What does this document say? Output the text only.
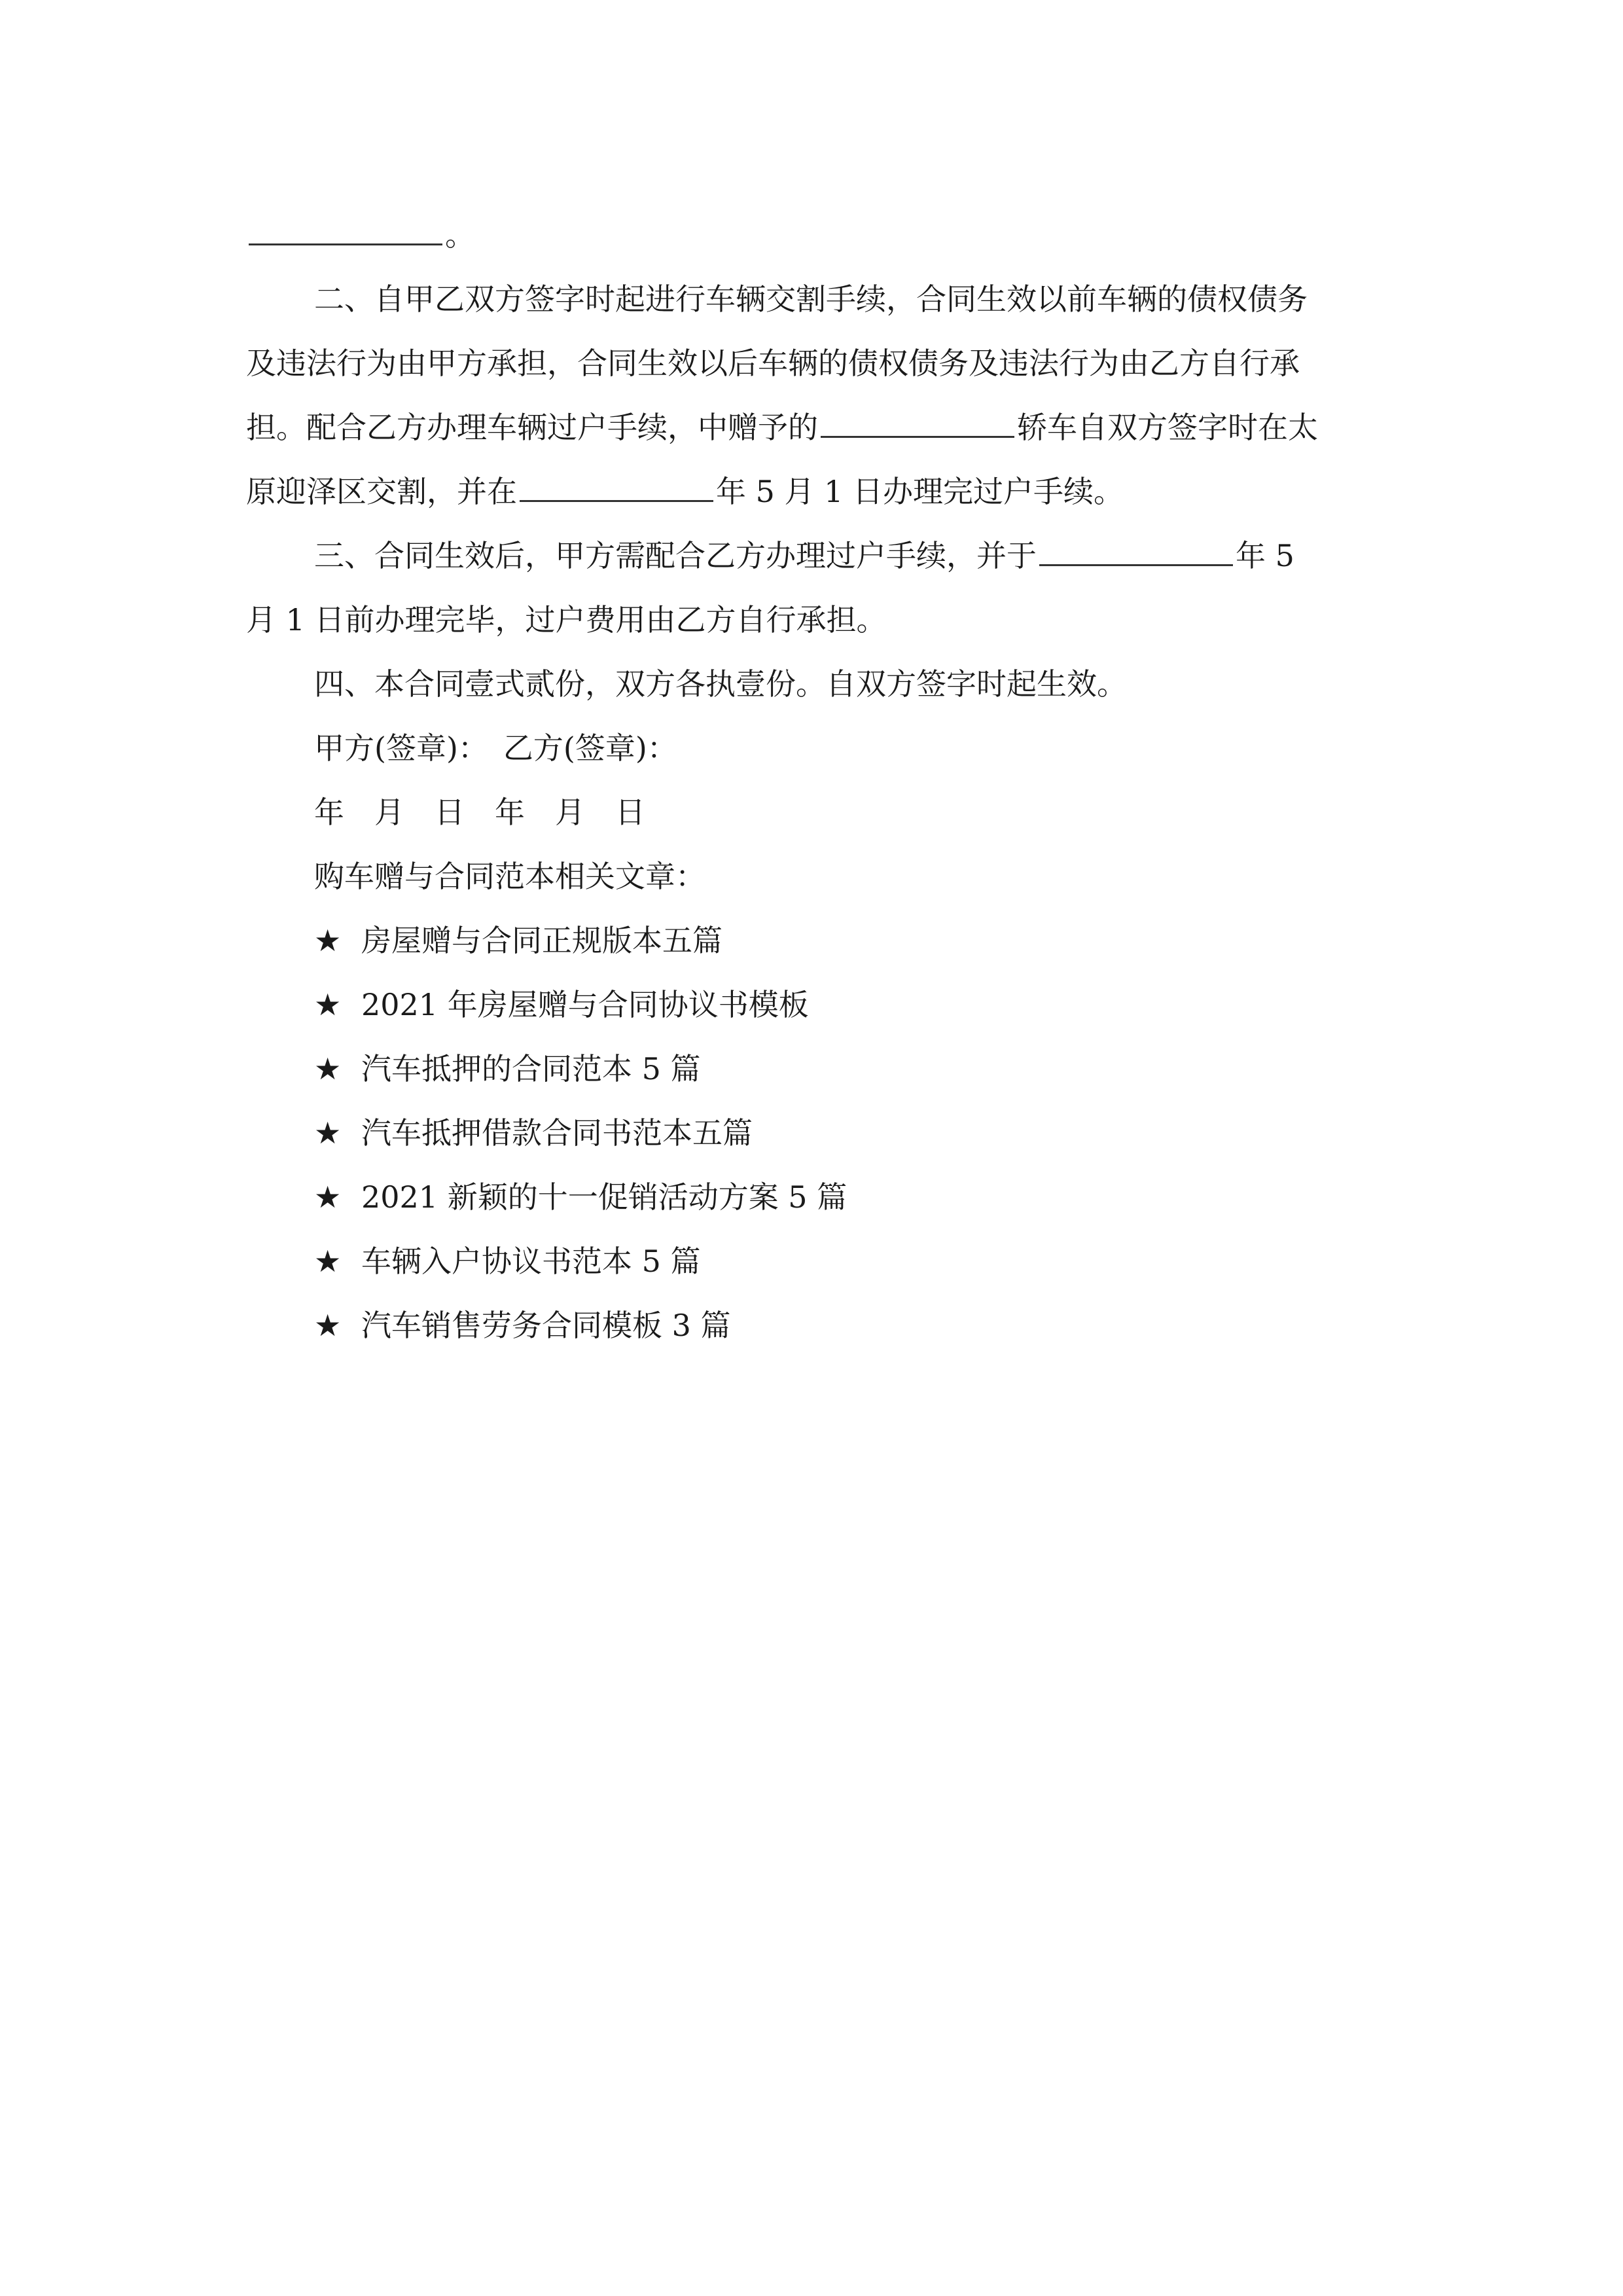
。
二、自甲乙双方签字时起进行车辆交割手续，合同生效以前车辆的债权债务
及违法行为由甲方承担，合同生效以后车辆的债权债务及违法行为由乙方自行承
担。配合乙方办理车辆过户手续，中赠予的	轿车自双方签字时在太
原迎泽区交割，并在	年 5 月 1 日办理完过户手续。
三、合同生效后，甲方需配合乙方办理过户手续，并于	年 5
月 1 日前办理完毕，过户费用由乙方自行承担。
四、本合同壹式贰份，双方各执壹份。自双方签字时起生效。
甲方(签章)：　乙方(签章)：
年　月　日　年　月　日
购车赠与合同范本相关文章：
★ 房屋赠与合同正规版本五篇
★ 2021 年房屋赠与合同协议书模板
★ 汽车抵押的合同范本 5 篇
★ 汽车抵押借款合同书范本五篇
★ 2021 新颖的十一促销活动方案 5 篇
★ 车辆入户协议书范本 5 篇
★ 汽车销售劳务合同模板 3 篇
